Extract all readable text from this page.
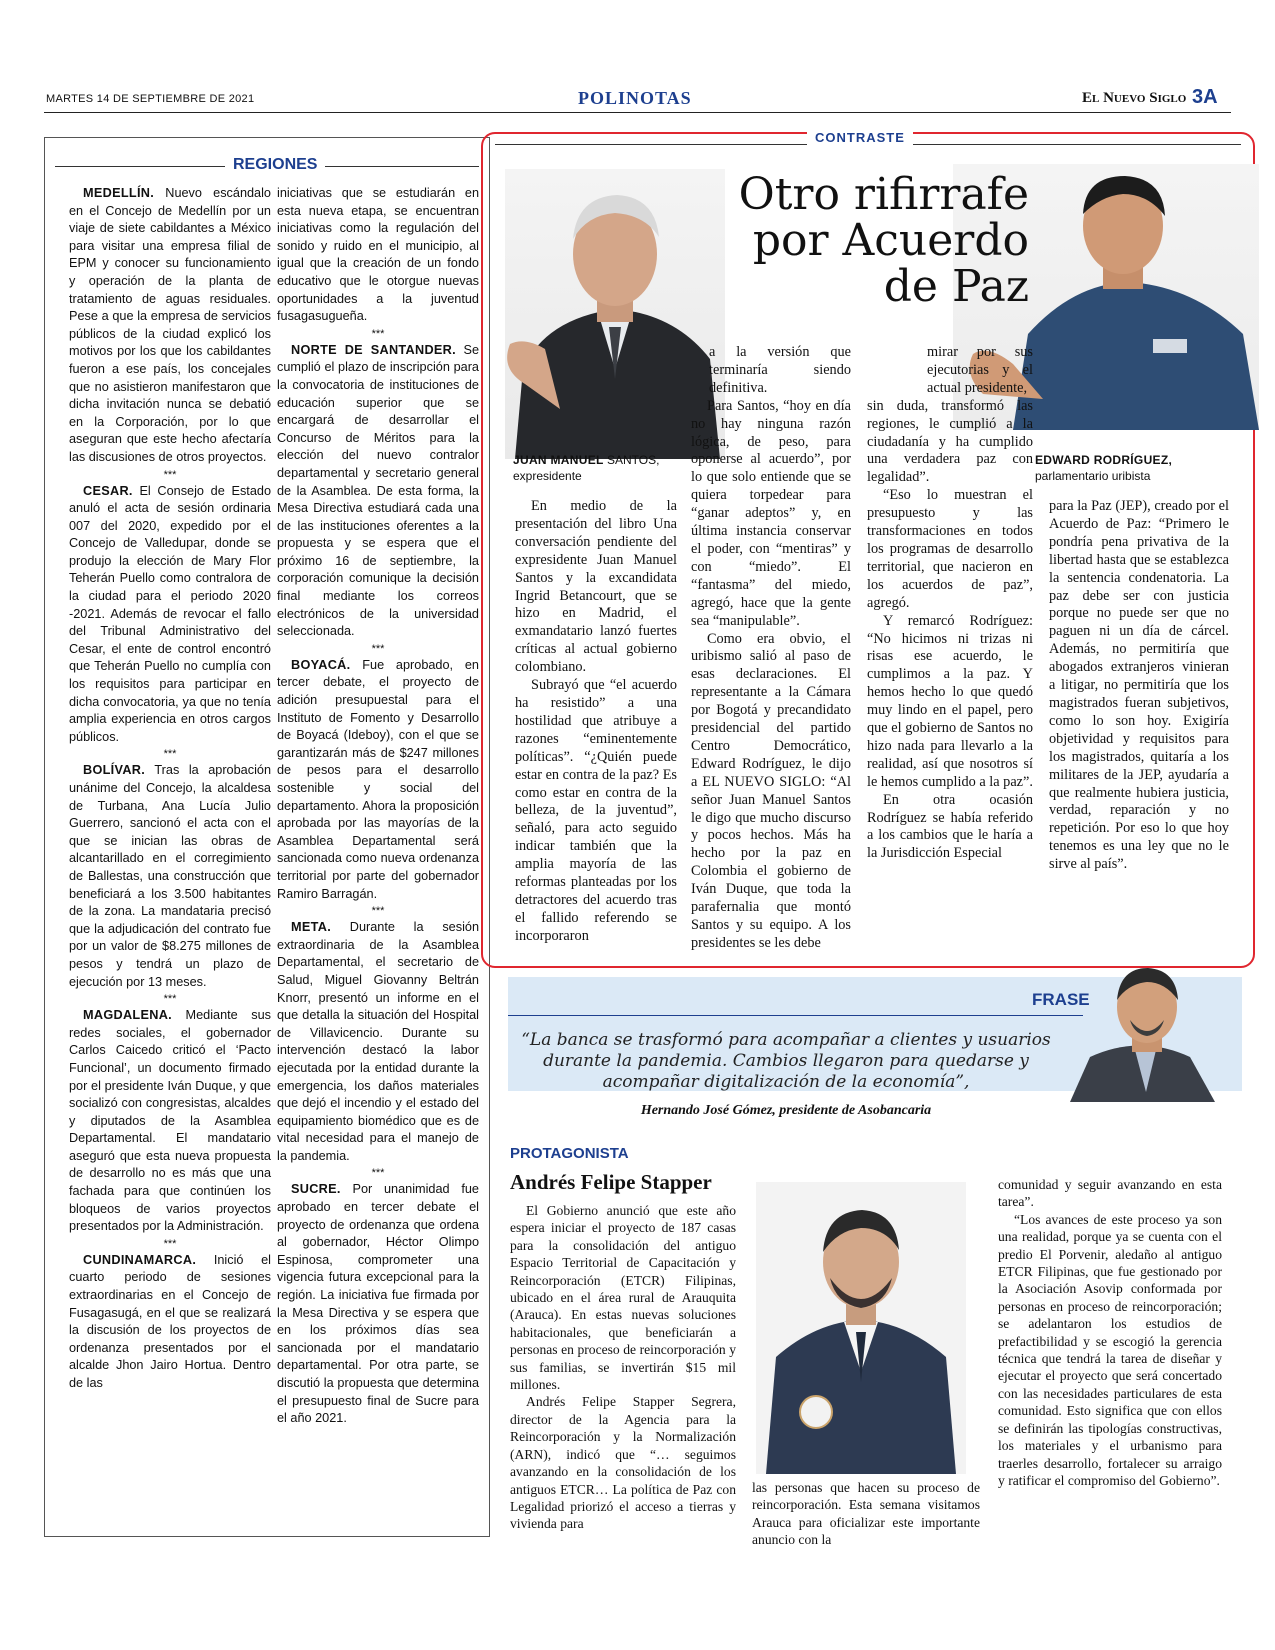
MARTES 14 DE SEPTIEMBRE DE 2021	POLINOTAS	El Nuevo Siglo 3A
REGIONES

MEDELLÍN. Nuevo escándalo en el Concejo de Medellín por un viaje de siete cabildantes a México para visitar una empresa filial de EPM y conocer su funcionamiento y operación de la planta de tratamiento de aguas residuales. Pese a que la empresa de servicios públicos de la ciudad explicó los motivos por los que los cabildantes fueron a ese país, los concejales que no asistieron manifestaron que dicha invitación nunca se debatió en la Corporación, por lo que aseguran que este hecho afectaría las discusiones de otros proyectos.

***

CESAR. El Consejo de Estado anuló el acta de sesión ordinaria 007 del 2020, expedido por el Concejo de Valledupar, donde se produjo la elección de Mary Flor Teherán Puello como contralora de la ciudad para el periodo 2020 -2021. Además de revocar el fallo del Tribunal Administrativo del Cesar, el ente de control encontró que Teherán Puello no cumplía con los requisitos para participar en dicha convocatoria, ya que no tenía amplia experiencia en otros cargos públicos.

***

BOLÍVAR. Tras la aprobación unánime del Concejo, la alcaldesa de Turbana, Ana Lucía Julio Guerrero, sancionó el acta con el que se inician las obras de alcantarillado en el corregimiento de Ballestas, una construcción que beneficiará a los 3.500 habitantes de la zona. La mandataria precisó que la adjudicación del contrato fue por un valor de $8.275 millones de pesos y tendrá un plazo de ejecución por 13 meses.

***

MAGDALENA. Mediante sus redes sociales, el gobernador Carlos Caicedo criticó el ‘Pacto Funcional’, un documento firmado por el presidente Iván Duque, y que socializó con congresistas, alcaldes y diputados de la Asamblea Departamental. El mandatario aseguró que esta nueva propuesta de desarrollo no es más que una fachada para que continúen los bloqueos de varios proyectos presentados por la Administración.

***

CUNDINAMARCA. Inició el cuarto periodo de sesiones extraordinarias en el Concejo de Fusagasugá, en el que se realizará la discusión de los proyectos de ordenanza presentados por el alcalde Jhon Jairo Hortua. Dentro de las

iniciativas que se estudiarán en esta nueva etapa, se encuentran iniciativas como la regulación del sonido y ruido en el municipio, al igual que la creación de un fondo educativo que le otorgue nuevas oportunidades a la juventud fusagasugueña.

***

NORTE DE SANTANDER. Se cumplió el plazo de inscripción para la convocatoria de instituciones de educación superior que se encargará de desarrollar el Concurso de Méritos para la elección del nuevo contralor departamental y secretario general de la Asamblea. De esta forma, la Mesa Directiva estudiará cada una de las instituciones oferentes a la propuesta y se espera que el próximo 16 de septiembre, la corporación comunique la decisión final mediante los correos electrónicos de la universidad seleccionada.

***

BOYACÁ. Fue aprobado, en tercer debate, el proyecto de adición presupuestal para el Instituto de Fomento y Desarrollo de Boyacá (Ideboy), con el que se garantizarán más de $247 millones de pesos para el desarrollo sostenible y social del departamento. Ahora la proposición aprobada por las mayorías de la Asamblea Departamental será sancionada como nueva ordenanza territorial por parte del gobernador Ramiro Barragán.

***

META. Durante la sesión extraordinaria de la Asamblea Departamental, el secretario de Salud, Miguel Giovanny Beltrán Knorr, presentó un informe en el que detalla la situación del Hospital de Villavicencio. Durante su intervención destacó la labor ejecutada por la entidad durante la emergencia, los daños materiales que dejó el incendio y el estado del equipamiento biomédico que es de vital necesidad para el manejo de la pandemia.

***

SUCRE. Por unanimidad fue aprobado en tercer debate el proyecto de ordenanza que ordena al gobernador, Héctor Olimpo Espinosa, comprometer una vigencia futura excepcional para la región. La iniciativa fue firmada por la Mesa Directiva y se espera que en los próximos días sea sancionada por el mandatario departamental. Por otra parte, se discutió la propuesta que determina el presupuesto final de Sucre para el año 2021.

CONTRASTE
JUAN MANUEL SANTOS,
expresidente
EDWARD RODRÍGUEZ,
parlamentario uribista
Otro rifirrafe por Acuerdo de Paz

En medio de la presentación del libro Una conversación pendiente del expresidente Juan Manuel Santos y la excandidata Ingrid Betancourt, que se hizo en Madrid, el exmandatario lanzó fuertes críticas al actual gobierno colombiano.

Subrayó que “el acuerdo ha resistido” a una hostilidad que atribuye a razones “eminentemente políticas”. “¿Quién puede estar en contra de la paz? Es como estar en contra de la belleza, de la juventud”, señaló, para acto seguido indicar también que la amplia mayoría de las reformas planteadas por los detractores del acuerdo tras el fallido referendo se incorporaron

a la versión que terminaría siendo definitiva.

Para Santos, “hoy en día no hay ninguna razón lógica, de peso, para oponerse al acuerdo”, por lo que solo entiende que se quiera torpedear para “ganar adeptos” y, en última instancia conservar el poder, con “mentiras” y con “miedo”. El “fantasma” del miedo, agregó, hace que la gente sea “manipulable”.

Como era obvio, el uribismo salió al paso de esas declaraciones. El representante a la Cámara por Bogotá y precandidato presidencial del partido Centro Democrático, Edward Rodríguez, le dijo a EL NUEVO SIGLO: “Al señor Juan Manuel Santos le digo que mucho discurso y pocos hechos. Más ha hecho por la paz en Colombia el gobierno de Iván Duque, que toda la parafernalia que montó Santos y su equipo. A los presidentes se les debe

mirar por sus ejecutorias y el actual presidente,

sin duda, transformó las regiones, le cumplió a la ciudadanía y ha cumplido una verdadera paz con legalidad”.

“Eso lo muestran el presupuesto y las transformaciones en todos los programas de desarrollo territorial, que nacieron en los acuerdos de paz”, agregó.

Y remarcó Rodríguez: “No hicimos ni trizas ni risas ese acuerdo, le cumplimos a la paz. Y hemos hecho lo que quedó muy lindo en el papel, pero que el gobierno de Santos no hizo nada para llevarlo a la realidad, así que nosotros sí le hemos cumplido a la paz”.

En otra ocasión Rodríguez se había referido a los cambios que le haría a la Jurisdicción Especial

para la Paz (JEP), creado por el Acuerdo de Paz: “Primero le pondría pena privativa de la libertad hasta que se establezca la sentencia condenatoria. La paz debe ser con justicia porque no puede ser que no paguen ni un día de cárcel. Además, no permitiría que abogados extranjeros vinieran a litigar, no permitiría que los magistrados fueran subjetivos, como lo son hoy. Exigiría objetividad y requisitos para los magistrados, quitaría a los militares de la JEP, ayudaría a que realmente hubiera justicia, verdad, reparación y no repetición. Por eso lo que hoy tenemos es una ley que no le sirve al país”.

FRASE
“La banca se trasformó para acompañar a clientes y usuarios durante la pandemia. Cambios llegaron para quedarse y acompañar digitalización de la economía”,
Hernando José Gómez, presidente de Asobancaria
PROTAGONISTA
Andrés Felipe Stapper

El Gobierno anunció que este año espera iniciar el proyecto de 187 casas para la consolidación del antiguo Espacio Territorial de Capacitación y Reincorporación (ETCR) Filipinas, ubicado en el área rural de Arauquita (Arauca). En estas nuevas soluciones habitacionales, que beneficiarán a personas en proceso de reincorporación y sus familias, se invertirán $15 mil millones.

Andrés Felipe Stapper Segrera, director de la Agencia para la Reincorporación y la Normalización (ARN), indicó que “… seguimos avanzando en la consolidación de los antiguos ETCR… La política de Paz con Legalidad priorizó el acceso a tierras y vivienda para

las personas que hacen su proceso de reincorporación. Esta semana visitamos Arauca para oficializar este importante anuncio con la

comunidad y seguir avanzando en esta tarea”.

“Los avances de este proceso ya son una realidad, porque ya se cuenta con el predio El Porvenir, aledaño al antiguo ETCR Filipinas, que fue gestionado por la Asociación Asovip conformada por personas en proceso de reincorporación; se adelantaron los estudios de prefactibilidad y se escogió la gerencia técnica que tendrá la tarea de diseñar y ejecutar el proyecto que será concertado con las necesidades particulares de esta comunidad. Esto significa que con ellos se definirán las tipologías constructivas, los materiales y el urbanismo para traerles desarrollo, fortalecer su arraigo y ratificar el compromiso del Gobierno”.
